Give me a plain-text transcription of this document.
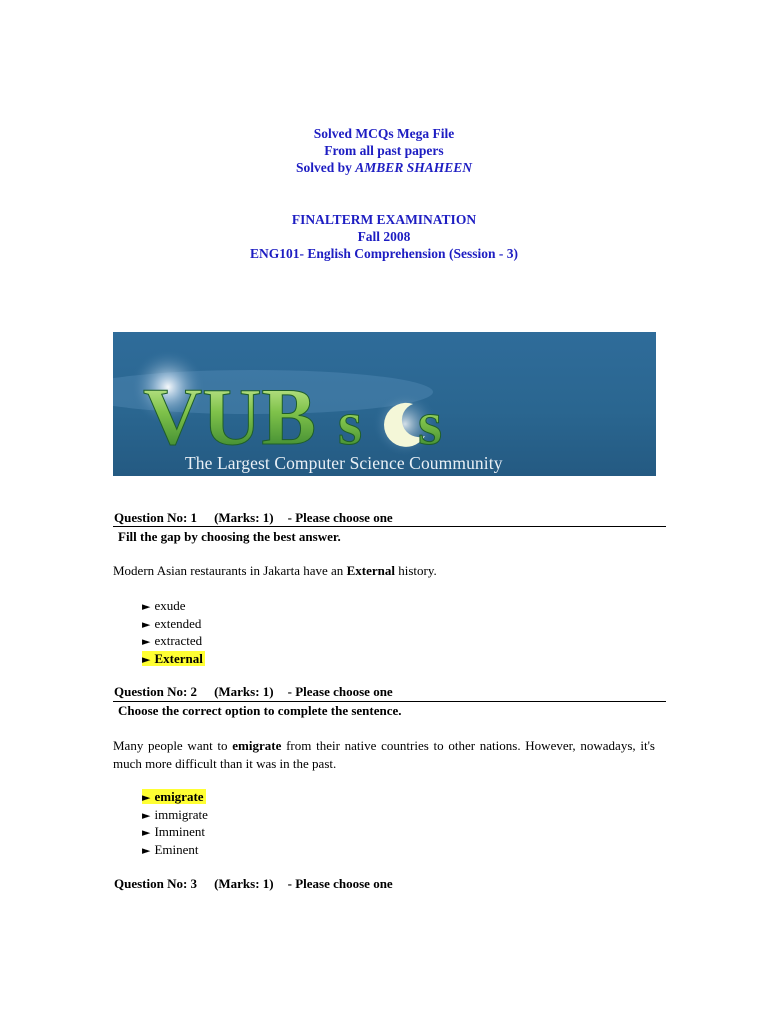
Solved MCQs Mega File
From all past papers
Solved by AMBER SHAHEEN
FINALTERM EXAMINATION
Fall 2008
ENG101- English Comprehension (Session - 3)
VUB s s
The Largest Computer Science Coummunity
Question No: 1 (Marks: 1) - Please choose one
Fill the gap by choosing the best answer.
Modern Asian restaurants in Jakarta have an External history.
► exude
► extended
► extracted
► External
Question No: 2 (Marks: 1) - Please choose one
Choose the correct option to complete the sentence.
Many people want to emigrate from their native countries to other nations. However, nowadays, it's much more difficult than it was in the past.
► emigrate
► immigrate
► Imminent
► Eminent
Question No: 3 (Marks: 1) - Please choose one
